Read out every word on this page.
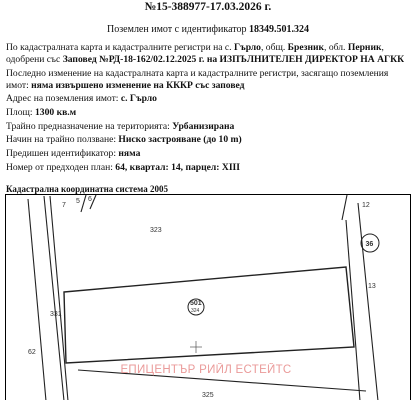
№15-388977-17.03.2026 г.
Поземлен имот с идентификатор 18349.501.324

По кадастралната карта и кадастралните регистри на с. Гърло, общ. Брезник, обл. Перник,
одобрени със Заповед №РД-18-162/02.12.2025 г. на ИЗПЪЛНИТЕЛЕН ДИРЕКТОР НА АГКК

Последно изменение на кадастралната карта и кадастралните регистри, засягащо поземления имот: няма извършено изменение на КККР със заповед

Адрес на поземления имот: с. Гърло

Площ: 1300 кв.м

Трайно предназначение на територията: Урбанизирана

Начин на трайно ползване: Ниско застрояване (до 10 m)

Предишен идентификатор: няма

Номер от предходен план: 64, квартал: 14, парцел: XIII

Кадастрална координатна система 2005
5 6
7	12
13
323
331
62
325
36
501
324
ЕПИЦЕНТЪР РИЙЛ ЕСТЕЙТС
